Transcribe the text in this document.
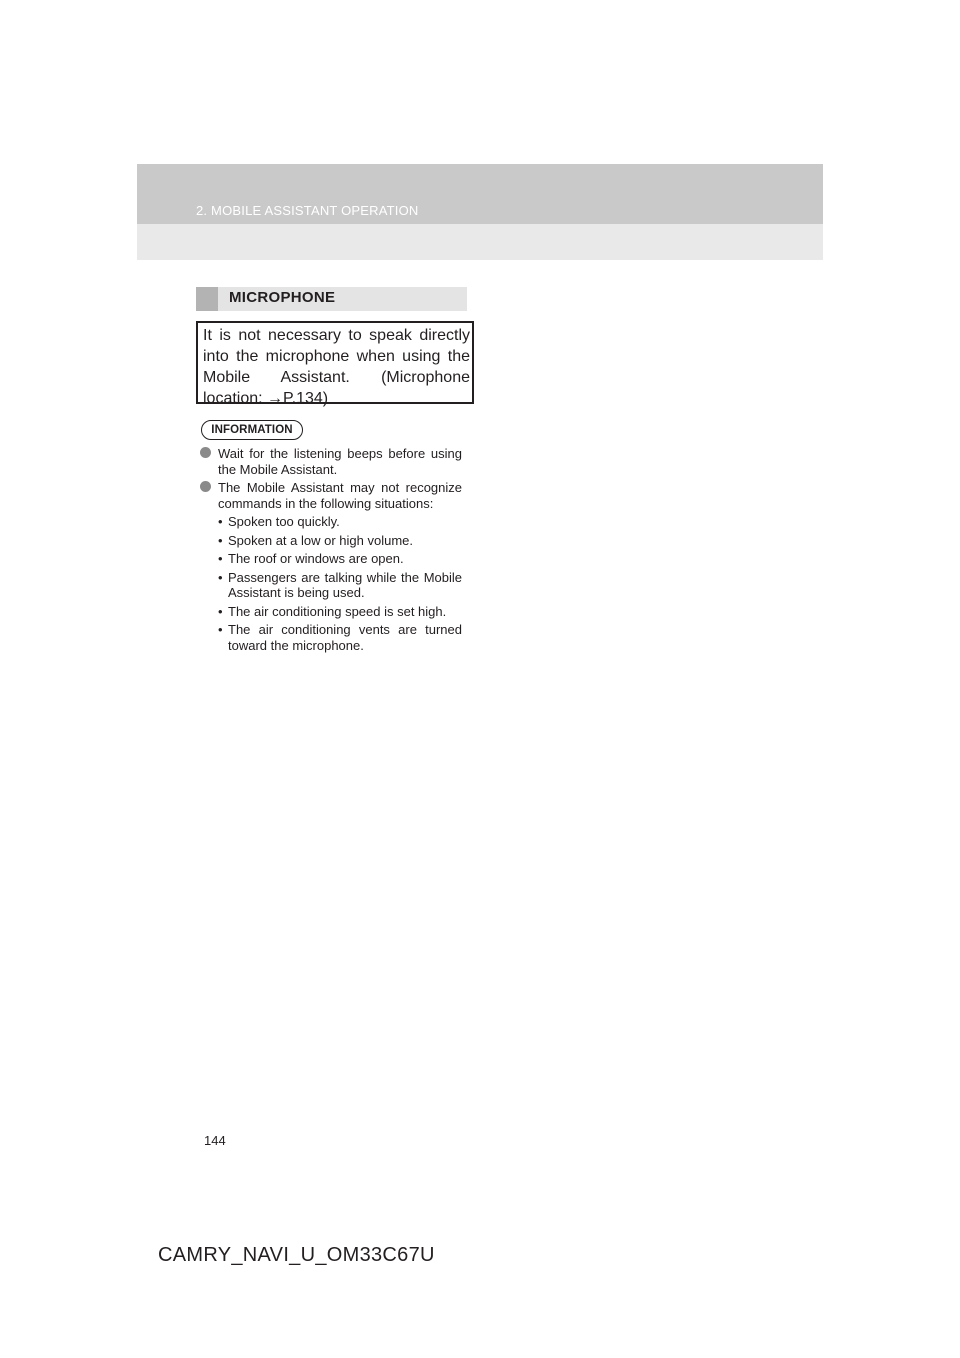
2. MOBILE ASSISTANT OPERATION
MICROPHONE
It is not necessary to speak directly into the microphone when using the Mobile Assistant. (Microphone location: →P.134)
INFORMATION
Wait for the listening beeps before using the Mobile Assistant.
The Mobile Assistant may not recognize commands in the following situations:
• Spoken too quickly.
• Spoken at a low or high volume.
• The roof or windows are open.
• Passengers are talking while the Mobile Assistant is being used.
• The air conditioning speed is set high.
• The air conditioning vents are turned toward the microphone.
144
CAMRY_NAVI_U_OM33C67U
